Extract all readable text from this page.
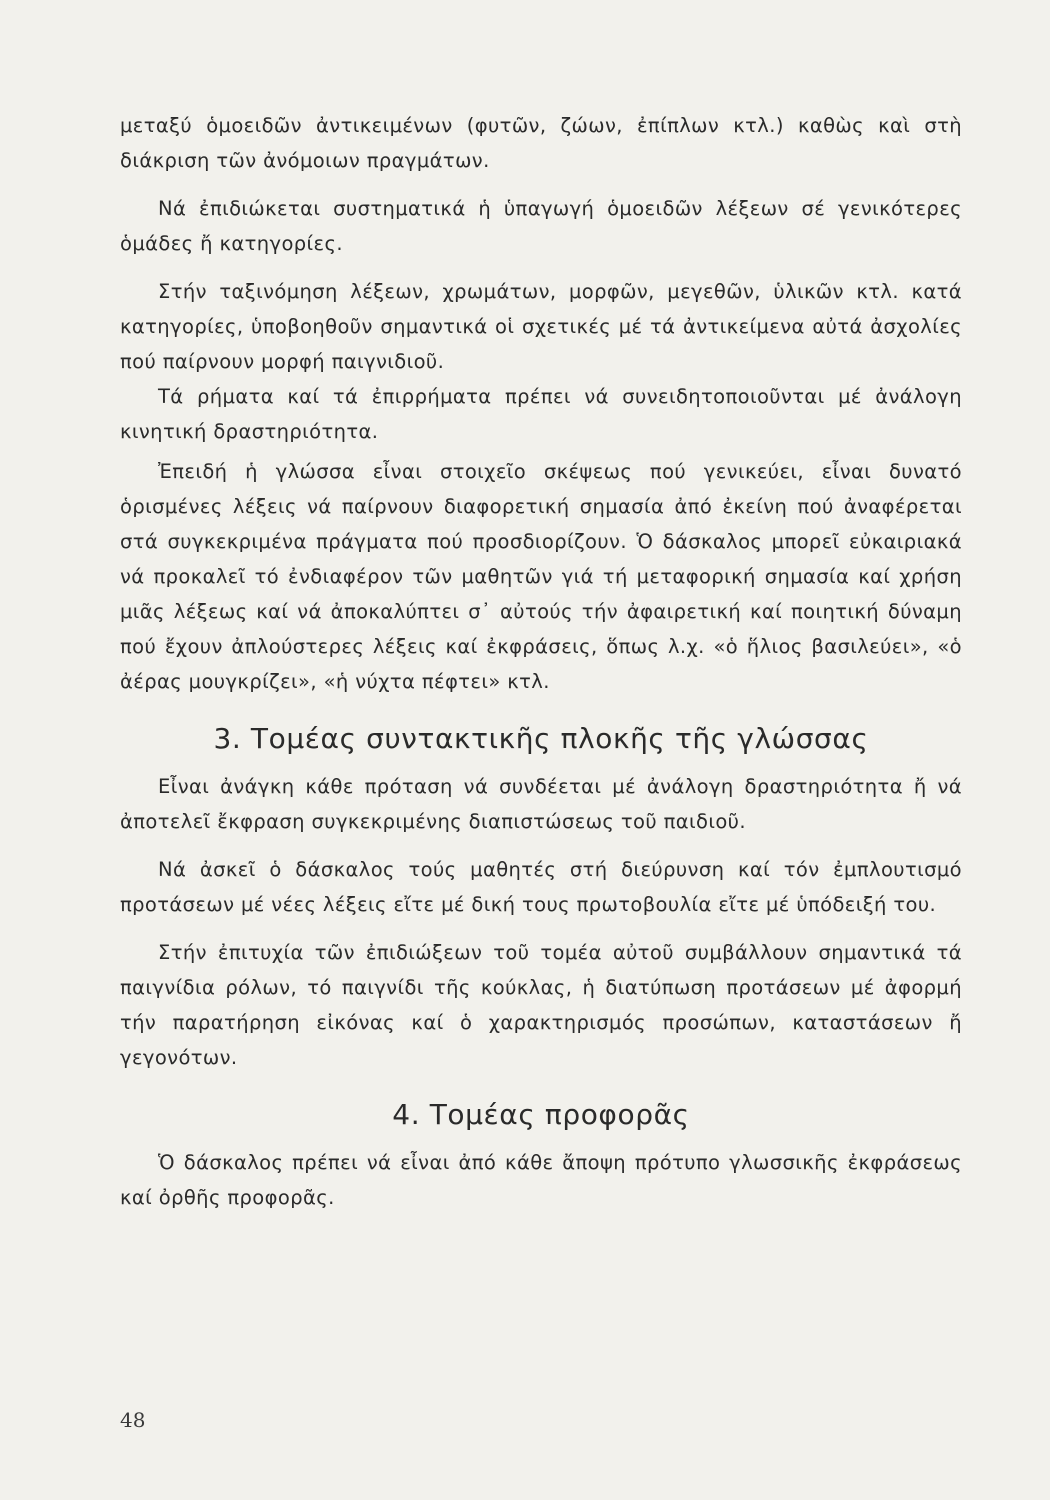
μεταξύ ὁμοειδῶν ἀντικειμένων (φυτῶν, ζώων, ἐπίπλων κτλ.) καθὼς καὶ στὴ διάκριση τῶν ἀνόμοιων πραγμάτων.

Νά ἐπιδιώκεται συστηματικά ἡ ὑπαγωγή ὁμοειδῶν λέξεων σέ γενικότερες ὁμάδες ἤ κατηγορίες.

Στήν ταξινόμηση λέξεων, χρωμάτων, μορφῶν, μεγεθῶν, ὑλικῶν κτλ. κατά κατηγορίες, ὑποβοηθοῦν σημαντικά οἱ σχετικές μέ τά ἀντικείμενα αὐτά ἀσχολίες πού παίρνουν μορφή παιγνιδιοῦ.

Τά ρήματα καί τά ἐπιρρήματα πρέπει νά συνειδητοποιοῦνται μέ ἀνάλογη κινητική δραστηριότητα.

Ἐπειδή ἡ γλώσσα εἶναι στοιχεῖο σκέψεως πού γενικεύει, εἶναι δυνατό ὁρισμένες λέξεις νά παίρνουν διαφορετική σημασία ἀπό ἐκείνη πού ἀναφέρεται στά συγκεκριμένα πράγματα πού προσδιορίζουν. Ὁ δάσκαλος μπορεῖ εὐκαιριακά νά προκαλεῖ τό ἐνδιαφέρον τῶν μαθητῶν γιά τή μεταφορική σημασία καί χρήση μιᾶς λέξεως καί νά ἀποκαλύπτει σ᾿ αὐτούς τήν ἀφαιρετική καί ποιητική δύναμη πού ἔχουν ἀπλούστερες λέξεις καί ἐκφράσεις, ὅπως λ.χ. «ὁ ἥλιος βασιλεύει», «ὁ ἀέρας μουγκρίζει», «ἡ νύχτα πέφτει» κτλ.

3. Τομέας συντακτικῆς πλοκῆς τῆς γλώσσας

Εἶναι ἀνάγκη κάθε πρόταση νά συνδέεται μέ ἀνάλογη δραστηριότητα ἤ νά ἀποτελεῖ ἔκφραση συγκεκριμένης διαπιστώσεως τοῦ παιδιοῦ.

Νά ἀσκεῖ ὁ δάσκαλος τούς μαθητές στή διεύρυνση καί τόν ἐμπλουτισμό προτάσεων μέ νέες λέξεις εἴτε μέ δική τους πρωτοβουλία εἴτε μέ ὑπόδειξή του.

Στήν ἐπιτυχία τῶν ἐπιδιώξεων τοῦ τομέα αὐτοῦ συμβάλλουν σημαντικά τά παιγνίδια ρόλων, τό παιγνίδι τῆς κούκλας, ἡ διατύπωση προτάσεων μέ ἀφορμή τήν παρατήρηση εἰκόνας καί ὁ χαρακτηρισμός προσώπων, καταστάσεων ἤ γεγονότων.

4. Τομέας προφορᾶς

Ὁ δάσκαλος πρέπει νά εἶναι ἀπό κάθε ἄποψη πρότυπο γλωσσικῆς ἐκφράσεως καί ὀρθῆς προφορᾶς.

48
